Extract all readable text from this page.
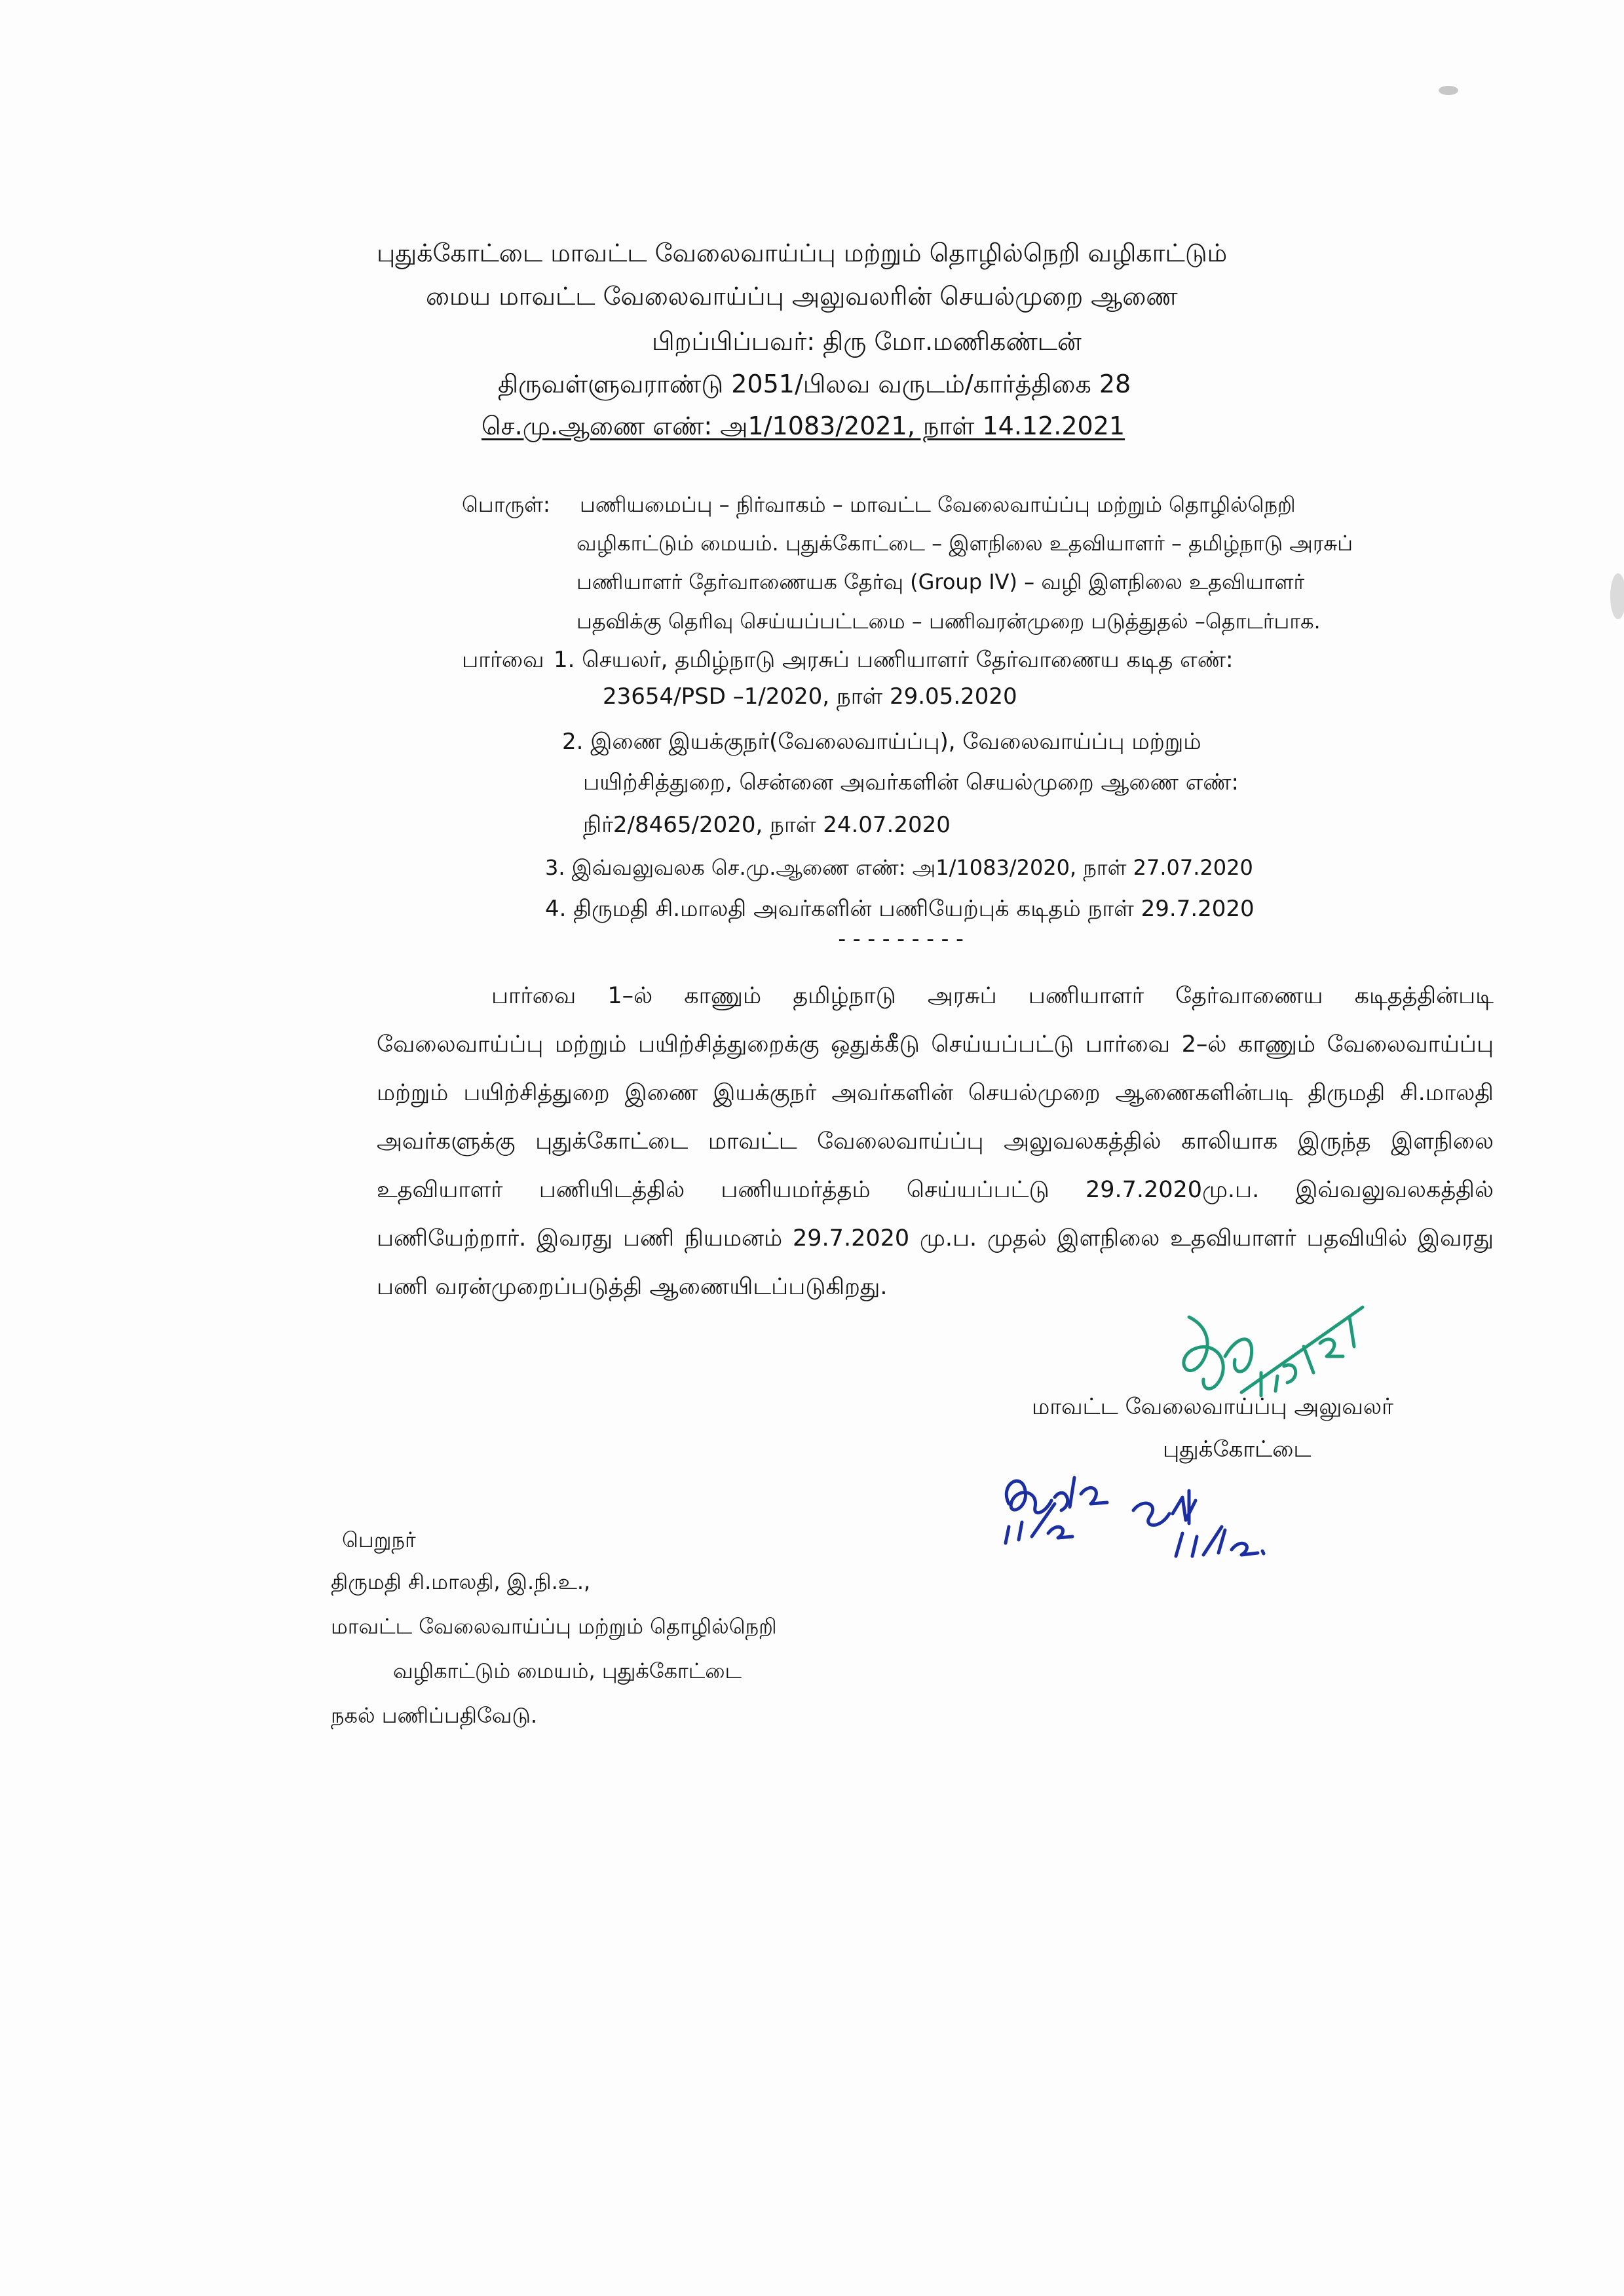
புதுக்கோட்டை மாவட்ட வேலைவாய்ப்பு மற்றும் தொழில்நெறி வழிகாட்டும்
மைய மாவட்ட வேலைவாய்ப்பு அலுவலரின் செயல்முறை ஆணை
பிறப்பிப்பவர்: திரு மோ.மணிகண்டன்
திருவள்ளுவராண்டு 2051/பிலவ வருடம்/கார்த்திகை 28
செ.மு.ஆணை எண்: அ1/1083/2021, நாள் 14.12.2021
பொருள்: பணியமைப்பு – நிர்வாகம் – மாவட்ட வேலைவாய்ப்பு மற்றும் தொழில்நெறி
வழிகாட்டும் மையம். புதுக்கோட்டை – இளநிலை உதவியாளர் – தமிழ்நாடு அரசுப்
பணியாளர் தேர்வாணையக தேர்வு (Group IV) – வழி இளநிலை உதவியாளர்
பதவிக்கு தெரிவு செய்யப்பட்டமை – பணிவரன்முறை படுத்துதல் –தொடர்பாக.
பார்வை 1. செயலர், தமிழ்நாடு அரசுப் பணியாளர் தேர்வாணைய கடித எண்:
23654/PSD –1/2020, நாள் 29.05.2020
2. இணை இயக்குநர்(வேலைவாய்ப்பு), வேலைவாய்ப்பு மற்றும்
பயிற்சித்துறை, சென்னை அவர்களின் செயல்முறை ஆணை எண்:
நிர்2/8465/2020, நாள் 24.07.2020
3. இவ்வலுவலக செ.மு.ஆணை எண்: அ1/1083/2020, நாள் 27.07.2020
4. திருமதி சி.மாலதி அவர்களின் பணியேற்புக் கடிதம் நாள் 29.7.2020
---------
பார்வை 1–ல் காணும் தமிழ்நாடு அரசுப் பணியாளர் தேர்வாணைய கடிதத்தின்படி வேலைவாய்ப்பு மற்றும் பயிற்சித்துறைக்கு ஒதுக்கீடு செய்யப்பட்டு பார்வை 2–ல் காணும் வேலைவாய்ப்பு மற்றும் பயிற்சித்துறை இணை இயக்குநர் அவர்களின் செயல்முறை ஆணைகளின்படி திருமதி சி.மாலதி அவர்களுக்கு புதுக்கோட்டை மாவட்ட வேலைவாய்ப்பு அலுவலகத்தில் காலியாக இருந்த இளநிலை உதவியாளர் பணியிடத்தில் பணியமர்த்தம் செய்யப்பட்டு 29.7.2020மு.ப. இவ்வலுவலகத்தில் பணியேற்றார். இவரது பணி நியமனம் 29.7.2020 மு.ப. முதல் இளநிலை உதவியாளர் பதவியில் இவரது பணி வரன்முறைப்படுத்தி ஆணையிடப்படுகிறது.
மாவட்ட வேலைவாய்ப்பு அலுவலர்
புதுக்கோட்டை
பெறுநர்
திருமதி சி.மாலதி, இ.நி.உ.,
மாவட்ட வேலைவாய்ப்பு மற்றும் தொழில்நெறி
வழிகாட்டும் மையம், புதுக்கோட்டை
நகல் பணிப்பதிவேடு.
